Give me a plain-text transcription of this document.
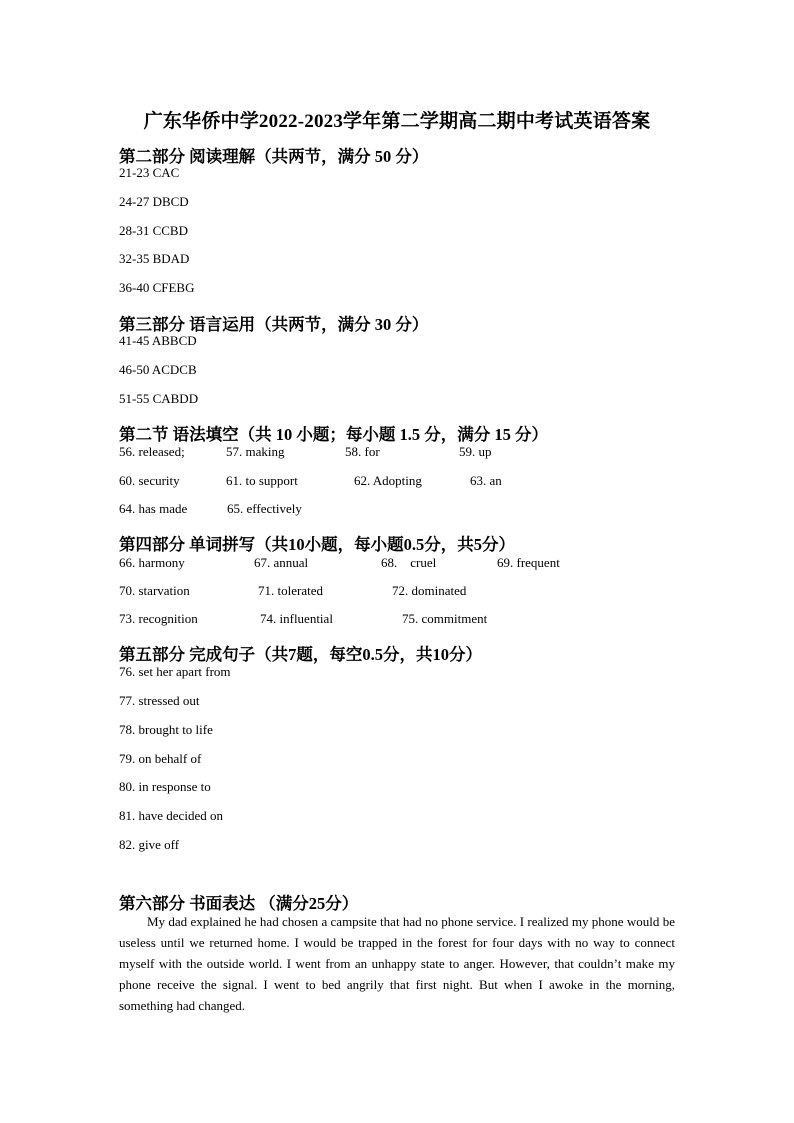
广东华侨中学2022-2023学年第二学期高二期中考试英语答案
第二部分 阅读理解（共两节，满分 50 分）
21-23 CAC
24-27 DBCD
28-31 CCBD
32-35 BDAD
36-40 CFEBG
第三部分 语言运用（共两节，满分 30 分）
41-45 ABBCD
46-50 ACDCB
51-55 CABDD
第二节 语法填空（共 10 小题；每小题 1.5 分，满分 15 分）
56. released;	57. making	58. for	59. up
60. security	61. to support	62. Adopting	63. an
64. has made	65. effectively
第四部分 单词拼写（共10小题，每小题0.5分，共5分）
66. harmony	67. annual	68.    cruel	69. frequent
70. starvation	71. tolerated	72. dominated
73. recognition	74. influential	75. commitment
第五部分 完成句子（共7题，每空0.5分，共10分）
76. set her apart from
77. stressed out
78. brought to life
79. on behalf of
80. in response to
81. have decided on
82. give off
第六部分 书面表达 （满分25分）
My dad explained he had chosen a campsite that had no phone service. I realized my phone would be useless until we returned home. I would be trapped in the forest for four days with no way to connect myself with the outside world. I went from an unhappy state to anger. However, that couldn’t make my phone receive the signal. I went to bed angrily that first night. But when I awoke in the morning, something had changed.
